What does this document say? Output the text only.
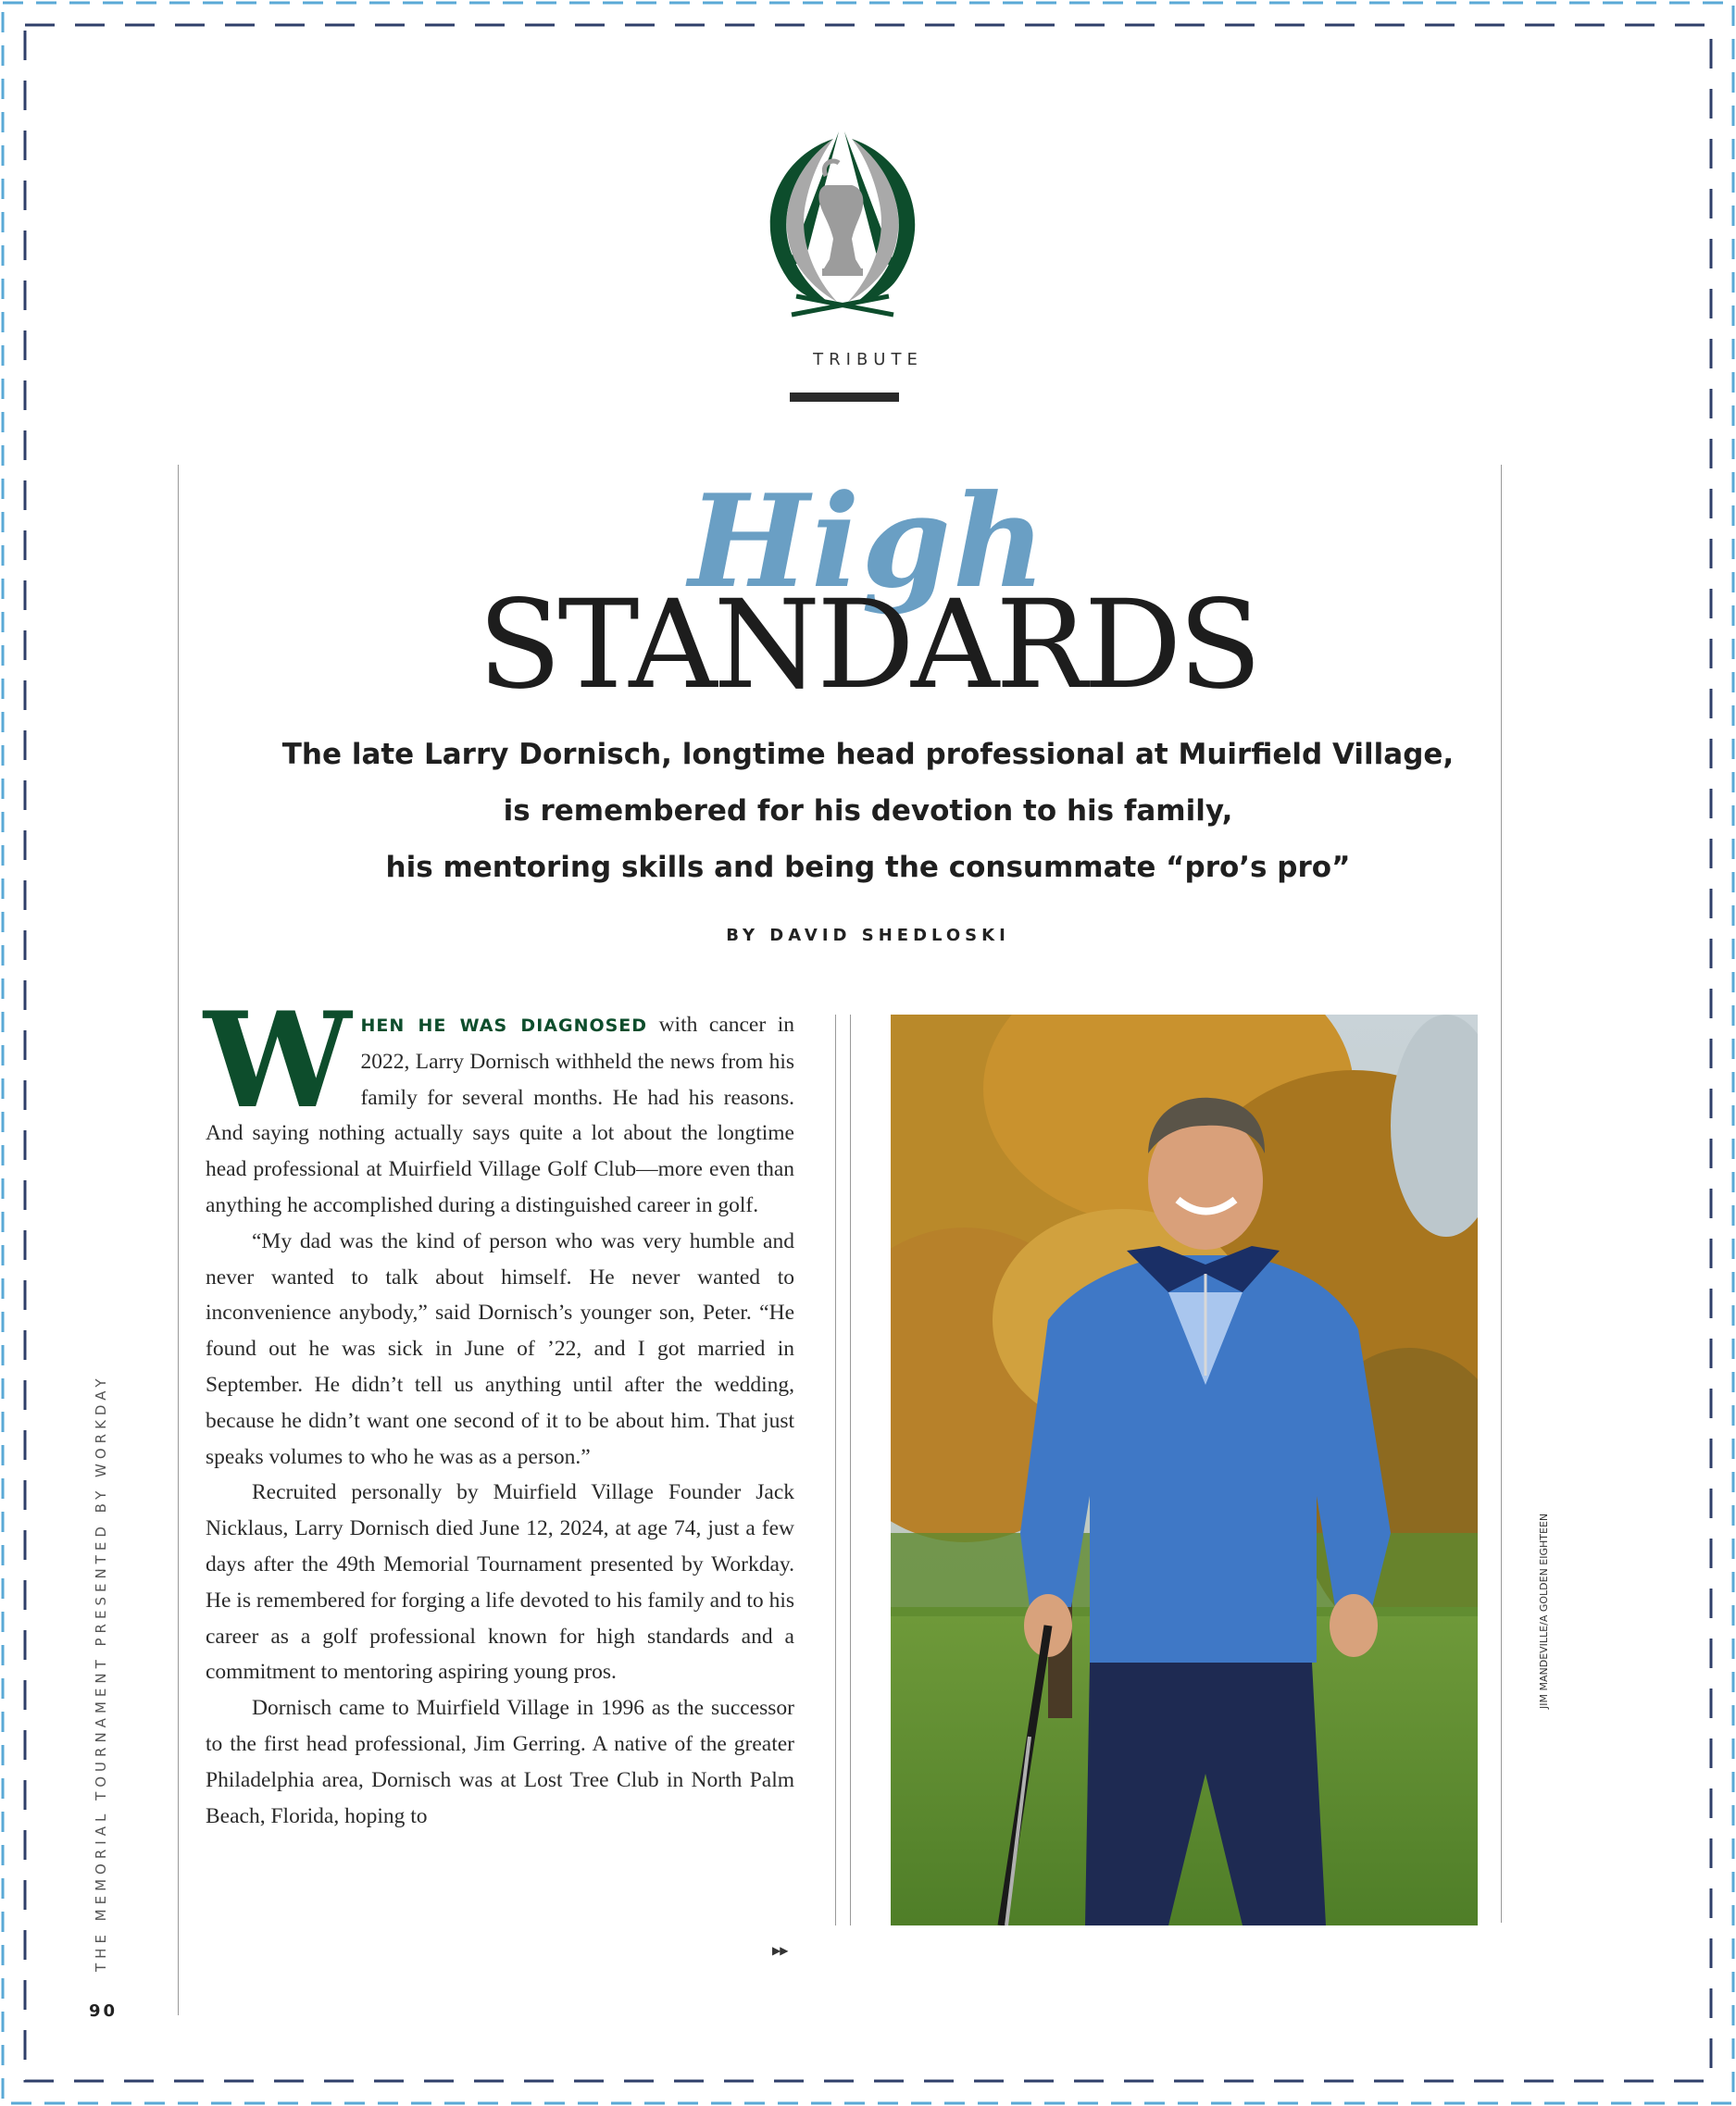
TRIBUTE
High
STANDARDS
The late Larry Dornisch, longtime head professional at Muirfield Village,
is remembered for his devotion to his family,
his mentoring skills and being the consummate “pro’s pro”
BY DAVID SHEDLOSKI

WHEN HE WAS DIAGNOSED with cancer in 2022, Larry Dornisch withheld the news from his family for several months. He had his reasons. And saying nothing actually says quite a lot about the longtime head professional at Muirfield Village Golf Club—more even than anything he accomplished during a distinguished career in golf.

“My dad was the kind of person who was very humble and never wanted to talk about himself. He never wanted to inconvenience anybody,” said Dornisch’s younger son, Peter. “He found out he was sick in June of ’22, and I got married in September. He didn’t tell us anything until after the wedding, because he didn’t want one second of it to be about him. That just speaks volumes to who he was as a person.”

Recruited personally by Muirfield Village Founder Jack Nicklaus, Larry Dornisch died June 12, 2024, at age 74, just a few days after the 49th Memorial Tournament presented by Workday. He is remembered for forging a life devoted to his family and to his career as a golf professional known for high standards and a commitment to mentoring aspiring young pros.

Dornisch came to Muirfield Village in 1996 as the successor to the first head professional, Jim Gerring. A native of the greater Philadelphia area, Dornisch was at Lost Tree Club in North Palm Beach, Florida, hoping to

▶▶
JIM MANDEVILLE/A GOLDEN EIGHTEEN
THE MEMORIAL TOURNAMENT PRESENTED BY WORKDAY
90
